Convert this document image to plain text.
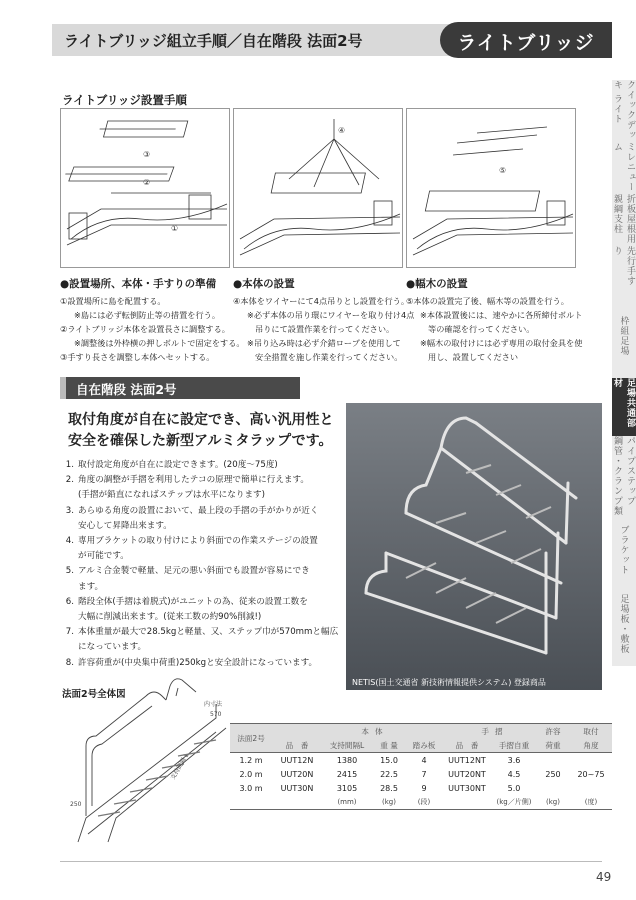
ライトブリッジ組立手順／自在階段 法面2号	ライトブリッジ
クイックデッキ ライト
ミレニューム
折板屋根用 親綱支柱
先行手すり
枠組足場
足場共通部材
パイプステップ 鋼管・クランプ類
ブラケット
足場板・敷板
ライトブリッジ設置手順
③
②
①
④
⑤
●設置場所、本体・手すりの準備
①設置場所に島を配置する。
※島には必ず転倒防止等の措置を行う。
②ライトブリッジ本体を設置長さに調整する。
※調整後は外枠横の押しボルトで固定をする。
③手すり長さを調整し本体へセットする。
●本体の設置
④本体をワイヤーにて4点吊りとし設置を行う。
※必ず本体の吊り環にワイヤーを取り付け4点
吊りにて設置作業を行ってください。
※吊り込み時は必ず介錯ロープを使用して
安全措置を施し作業を行ってください。
●幅木の設置
⑤本体の設置完了後、幅木等の設置を行う。
※本体設置後には、速やかに各所締付ボルト
等の確認を行ってください。
※幅木の取付けには必ず専用の取付金具を使
用し、設置してください
自在階段 法面2号
取付角度が自在に設定でき、高い汎用性と
安全を確保した新型アルミタラップです。
1. 取付設定角度が自在に設定できます。(20度～75度)
2. 角度の調整が手摺を利用したテコの原理で簡単に行えます。
(手摺が鉛直になればステップは水平になります)
3. あらゆる角度の設置において、最上段の手摺の手がかりが近く
安心して昇降出来ます。
4. 専用ブラケットの取り付けにより斜面での作業ステージの設置
が可能です。
5. アルミ合金製で軽量、足元の悪い斜面でも設置が容易にでき
ます。
6. 階段全体(手摺は着脱式)がユニットの為、従来の設置工数を
大幅に削減出来ます。(従来工数の約90%削減!)
7. 本体重量が最大で28.5kgと軽量、又、ステップ巾が570mmと幅広
になっています。
8. 許容荷重が(中央集中荷重)250kgと安全設計になっています。
NETIS(国土交通省 新技術情報提供システム) 登録商品
法面2号全体図
内寸法
570
支持間隔 L
250
法面2号	本		体		手	摺	許容	取付
	品　番	支持間隔L	重 量	踏み板	品　番	手摺自重	荷重	角度
1.2 m	UUT12N	1380	15.0	4	UUT12NT	3.6	250	20~75
2.0 m	UUT20N	2415	22.5	7	UUT20NT	4.5		
3.0 m	UUT30N	3105	28.5	9	UUT30NT	5.0		
		(mm)	(kg)	(段)		(kg／片側)	(kg)	(度)
49
